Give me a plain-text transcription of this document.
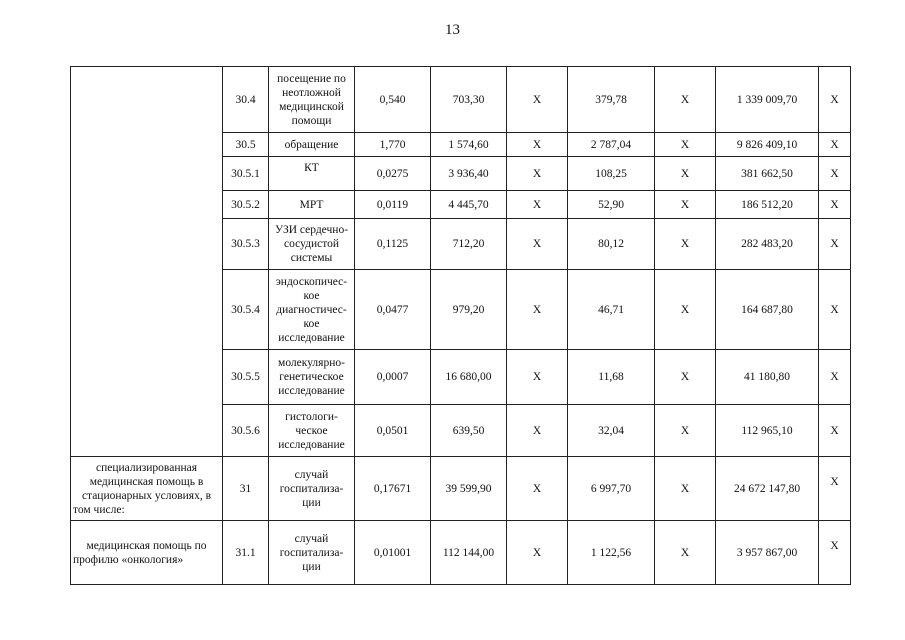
13
	30.4	посещение по неотложной медицинской помощи	0,540	703,30	Х	379,78	Х	1 339 009,70	Х
	30.5	обращение	1,770	1 574,60	Х	2 787,04	Х	9 826 409,10	Х
	30.5.1	КТ	0,0275	3 936,40	Х	108,25	Х	381 662,50	Х
	30.5.2	МРТ	0,0119	4 445,70	Х	52,90	Х	186 512,20	Х
	30.5.3	УЗИ сердечно-сосудистой системы	0,1125	712,20	Х	80,12	Х	282 483,20	Х
	30.5.4	эндоскопичес-кое диагностичес-кое исследование	0,0477	979,20	Х	46,71	Х	164 687,80	Х
	30.5.5	молекулярно-генетическое исследование	0,0007	16 680,00	Х	11,68	Х	41 180,80	Х
	30.5.6	гистологи-ческое исследование	0,0501	639,50	Х	32,04	Х	112 965,10	Х
специализированная медицинская помощь в стационарных условиях, в том числе:	31	случай госпитализа-ции	0,17671	39 599,90	Х	6 997,70	Х	24 672 147,80	Х
медицинская помощь по профилю «онкология»	31.1	случай госпитализа-ции	0,01001	112 144,00	Х	1 122,56	Х	3 957 867,00	Х
